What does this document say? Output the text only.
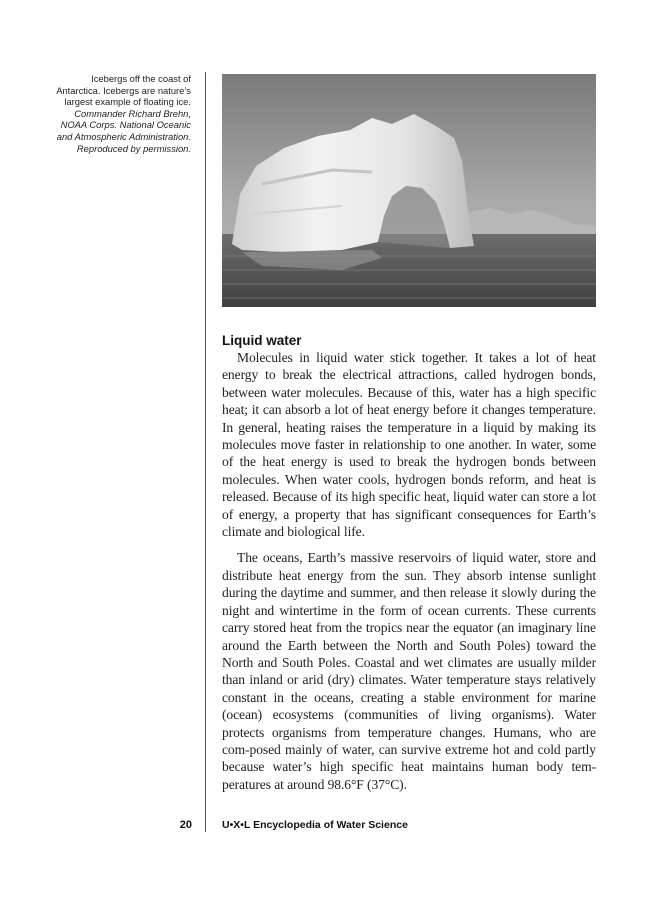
Icebergs off the coast of
Antarctica. Icebergs are nature’s
largest example of floating ice.
Commander Richard Brehn,
NOAA Corps. National Oceanic
and Atmospheric Administration.
Reproduced by permission.
Liquid water

Molecules in liquid water stick together. It takes a lot of heat energy to break the electrical attractions, called hydrogen bonds, between water molecules. Because of this, water has a high specific heat; it can absorb a lot of heat energy before it changes temperature. In general, heating raises the temperature in a liquid by making its molecules move faster in relationship to one another. In water, some of the heat energy is used to break the hydrogen bonds between molecules. When water cools, hydrogen bonds reform, and heat is released. Because of its high specific heat, liquid water can store a lot of energy, a property that has significant consequences for Earth’s climate and biological life.

The oceans, Earth’s massive reservoirs of liquid water, store and distribute heat energy from the sun. They absorb intense sunlight during the daytime and summer, and then release it slowly during the night and wintertime in the form of ocean currents. These currents carry stored heat from the tropics near the equator (an imaginary line around the Earth between the North and South Poles) toward the North and South Poles. Coastal and wet climates are usually milder than inland or arid (dry) climates. Water temperature stays relatively constant in the oceans, creating a stable environment for marine (ocean) ecosystems (communities of living organisms). Water protects organisms from temperature changes. Humans, who are com-posed mainly of water, can survive extreme hot and cold partly because water’s high specific heat maintains human body tem-peratures at around 98.6°F (37°C).

20	U•X•L Encyclopedia of Water Science
